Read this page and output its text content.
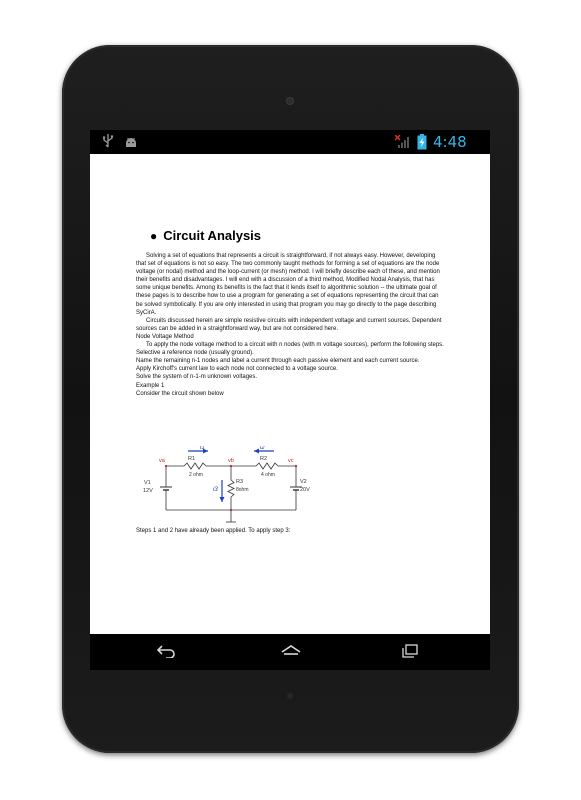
4:48
● Circuit Analysis

Solving a set of equations that represents a circuit is straightforward, if not always easy. However, developing that set of equations is not so easy. The two commonly taught methods for forming a set of equations are the node voltage (or nodal) method and the loop-current (or mesh) method. I will briefly describe each of these, and mention their benefits and disadvantages. I will end with a discussion of a third method, Modified Nodal Analysis, that has some unique benefits. Among its benefits is the fact that it lends itself to algorithmic solution -- the ultimate goal of these pages is to describe how to use a program for generating a set of equations representing the circuit that can be solved symbolically. If you are only interested in using that program you may go directly to the page describing SyCirA.

Circuits discussed herein are simple resistive circuits with independent voltage and current sources. Dependent sources can be added in a straightforward way, but are not considered here.

Node Voltage Method

To apply the node voltage method to a circuit with n nodes (with m voltage sources), perform the following steps.

Selective a reference node (usually ground).

Name the remaining n-1 nodes and label a current through each passive element and each current source.

Apply Kirchoff's current law to each node not connected to a voltage source.

Solve the system of n-1-m unknown voltages.

Example 1

Consider the circuit shown below

i1	i2
va	vb	vc
R1
2 ohm
R2
4 ohm
V1
12V
V2
20V
R3
8ohm
i3
Steps 1 and 2 have already been applied. To apply step 3:
